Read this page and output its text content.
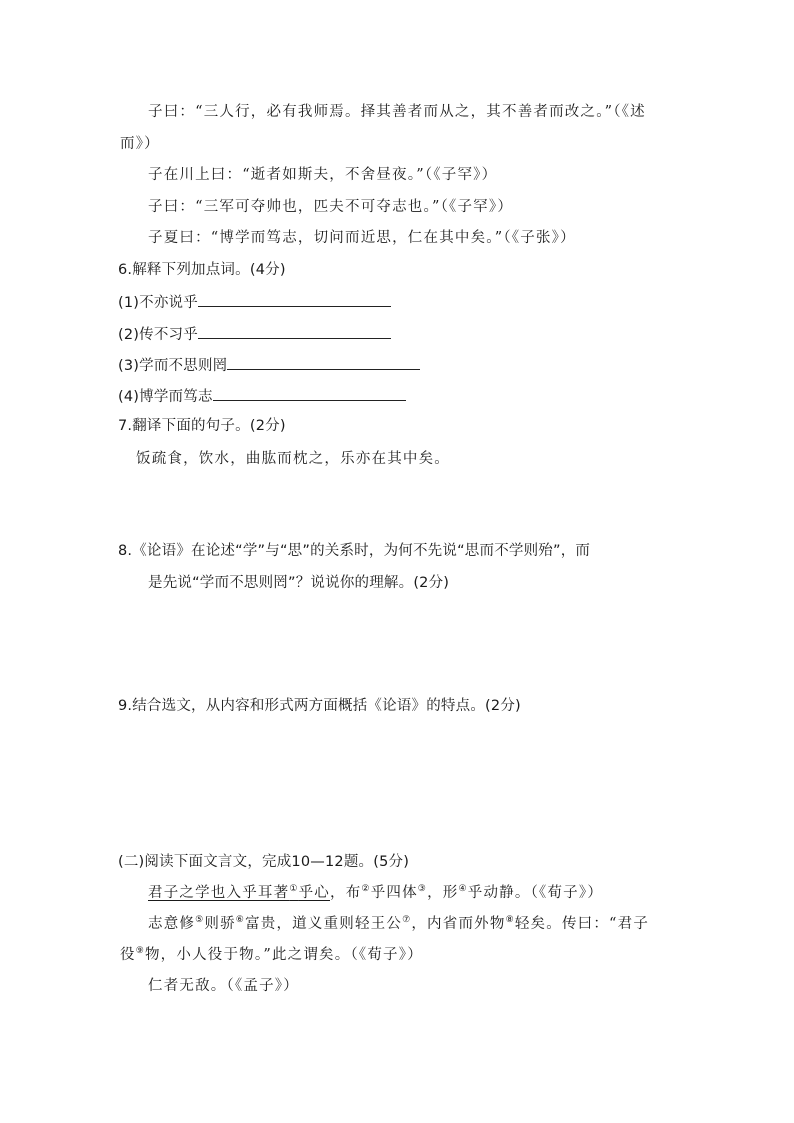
子曰：“三人行，必有我师焉。择其善者而从之，其不善者而改之。”（《述
而》）
子在川上曰：“逝者如斯夫，不舍昼夜。”（《子罕》）
子曰：“三军可夺帅也，匹夫不可夺志也。”（《子罕》）
子夏曰：“博学而笃志，切问而近思，仁在其中矣。”（《子张》）
6.解释下列加点词。(4分)
(1)不亦说乎
(2)传不习乎
(3)学而不思则罔
(4)博学而笃志
7.翻译下面的句子。(2分)
饭疏食，饮水，曲肱而枕之，乐亦在其中矣。
8.《论语》在论述“学”与“思”的关系时，为何不先说“思而不学则殆”，而
是先说“学而不思则罔”？说说你的理解。(2分)
9.结合选文，从内容和形式两方面概括《论语》的特点。(2分)
(二)阅读下面文言文，完成10—12题。(5分)
君子之学也入乎耳著①乎心，布②乎四体③，形④乎动静。（《荀子》）
志意修⑤则骄⑥富贵，道义重则轻王公⑦，内省而外物⑧轻矣。传曰：“君子
役⑨物，小人役于物。”此之谓矣。（《荀子》）
仁者无敌。（《孟子》）
